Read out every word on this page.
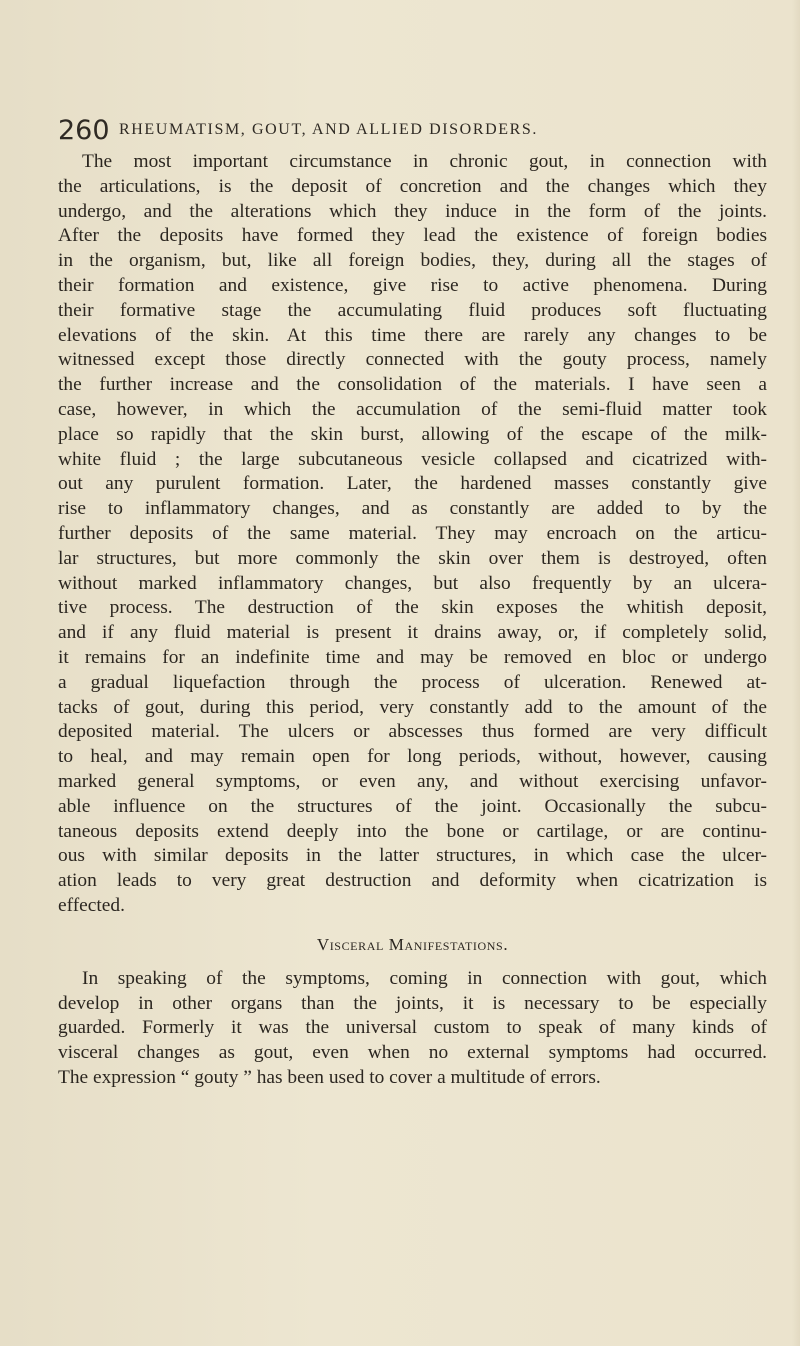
260 RHEUMATISM, GOUT, AND ALLIED DISORDERS.
The most important circumstance in chronic gout, in connection with
the articulations, is the deposit of concretion and the changes which they
undergo, and the alterations which they induce in the form of the joints.
After the deposits have formed they lead the existence of foreign bodies
in the organism, but, like all foreign bodies, they, during all the stages of
their formation and existence, give rise to active phenomena. During
their formative stage the accumulating fluid produces soft fluctuating
elevations of the skin. At this time there are rarely any changes to be
witnessed except those directly connected with the gouty process, namely
the further increase and the consolidation of the materials. I have seen a
case, however, in which the accumulation of the semi-fluid matter took
place so rapidly that the skin burst, allowing of the escape of the milk-
white fluid ; the large subcutaneous vesicle collapsed and cicatrized with-
out any purulent formation. Later, the hardened masses constantly give
rise to inflammatory changes, and as constantly are added to by the
further deposits of the same material. They may encroach on the articu-
lar structures, but more commonly the skin over them is destroyed, often
without marked inflammatory changes, but also frequently by an ulcera-
tive process. The destruction of the skin exposes the whitish deposit,
and if any fluid material is present it drains away, or, if completely solid,
it remains for an indefinite time and may be removed en bloc or undergo
a gradual liquefaction through the process of ulceration. Renewed at-
tacks of gout, during this period, very constantly add to the amount of the
deposited material. The ulcers or abscesses thus formed are very difficult
to heal, and may remain open for long periods, without, however, causing
marked general symptoms, or even any, and without exercising unfavor-
able influence on the structures of the joint. Occasionally the subcu-
taneous deposits extend deeply into the bone or cartilage, or are continu-
ous with similar deposits in the latter structures, in which case the ulcer-
ation leads to very great destruction and deformity when cicatrization is
effected.
Visceral Manifestations.
In speaking of the symptoms, coming in connection with gout, which
develop in other organs than the joints, it is necessary to be especially
guarded. Formerly it was the universal custom to speak of many kinds of
visceral changes as gout, even when no external symptoms had occurred.
The expression “ gouty ” has been used to cover a multitude of errors.
